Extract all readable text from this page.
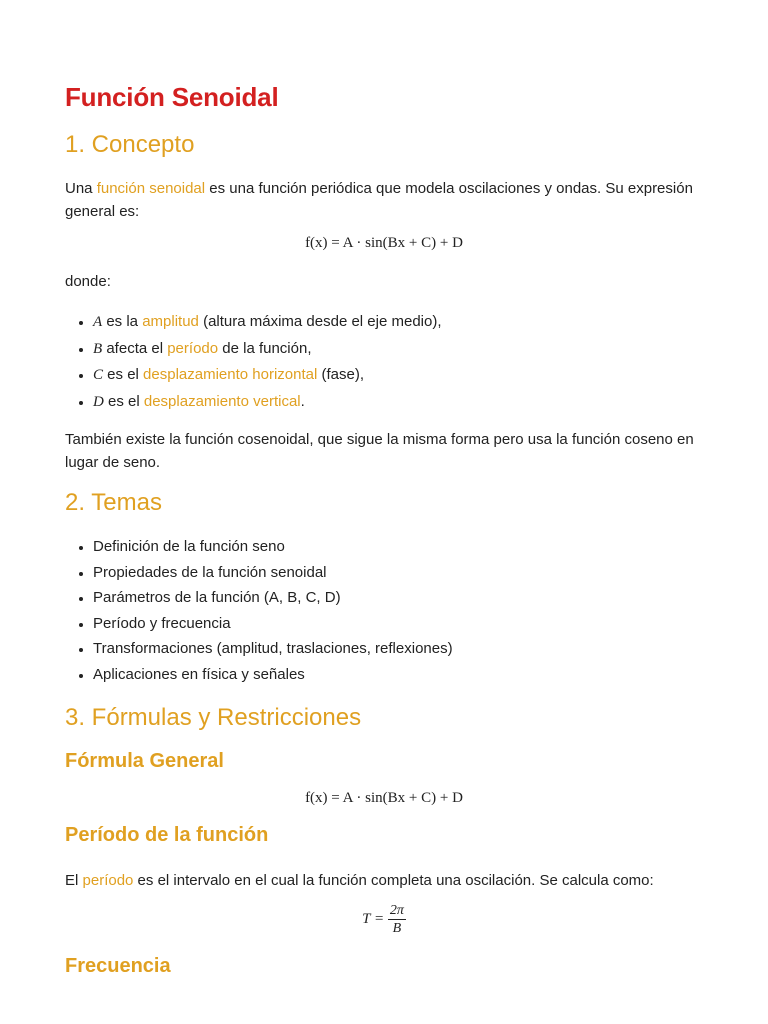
Función Senoidal
1. Concepto

Una función senoidal es una función periódica que modela oscilaciones y ondas. Su expresión general es:

f(x) = A · sin(Bx + C) + D

donde:

• A es la amplitud (altura máxima desde el eje medio),
• B afecta el período de la función,
• C es el desplazamiento horizontal (fase),
• D es el desplazamiento vertical.

También existe la función cosenoidal, que sigue la misma forma pero usa la función coseno en lugar de seno.

2. Temas
• Definición de la función seno
• Propiedades de la función senoidal
• Parámetros de la función (A, B, C, D)
• Período y frecuencia
• Transformaciones (amplitud, traslaciones, reflexiones)
• Aplicaciones en física y señales
3. Fórmulas y Restricciones
Fórmula General
f(x) = A · sin(Bx + C) + D
Período de la función

El período es el intervalo en el cual la función completa una oscilación. Se calcula como:

$T = \frac{2\pi}{B}$
Frecuencia
